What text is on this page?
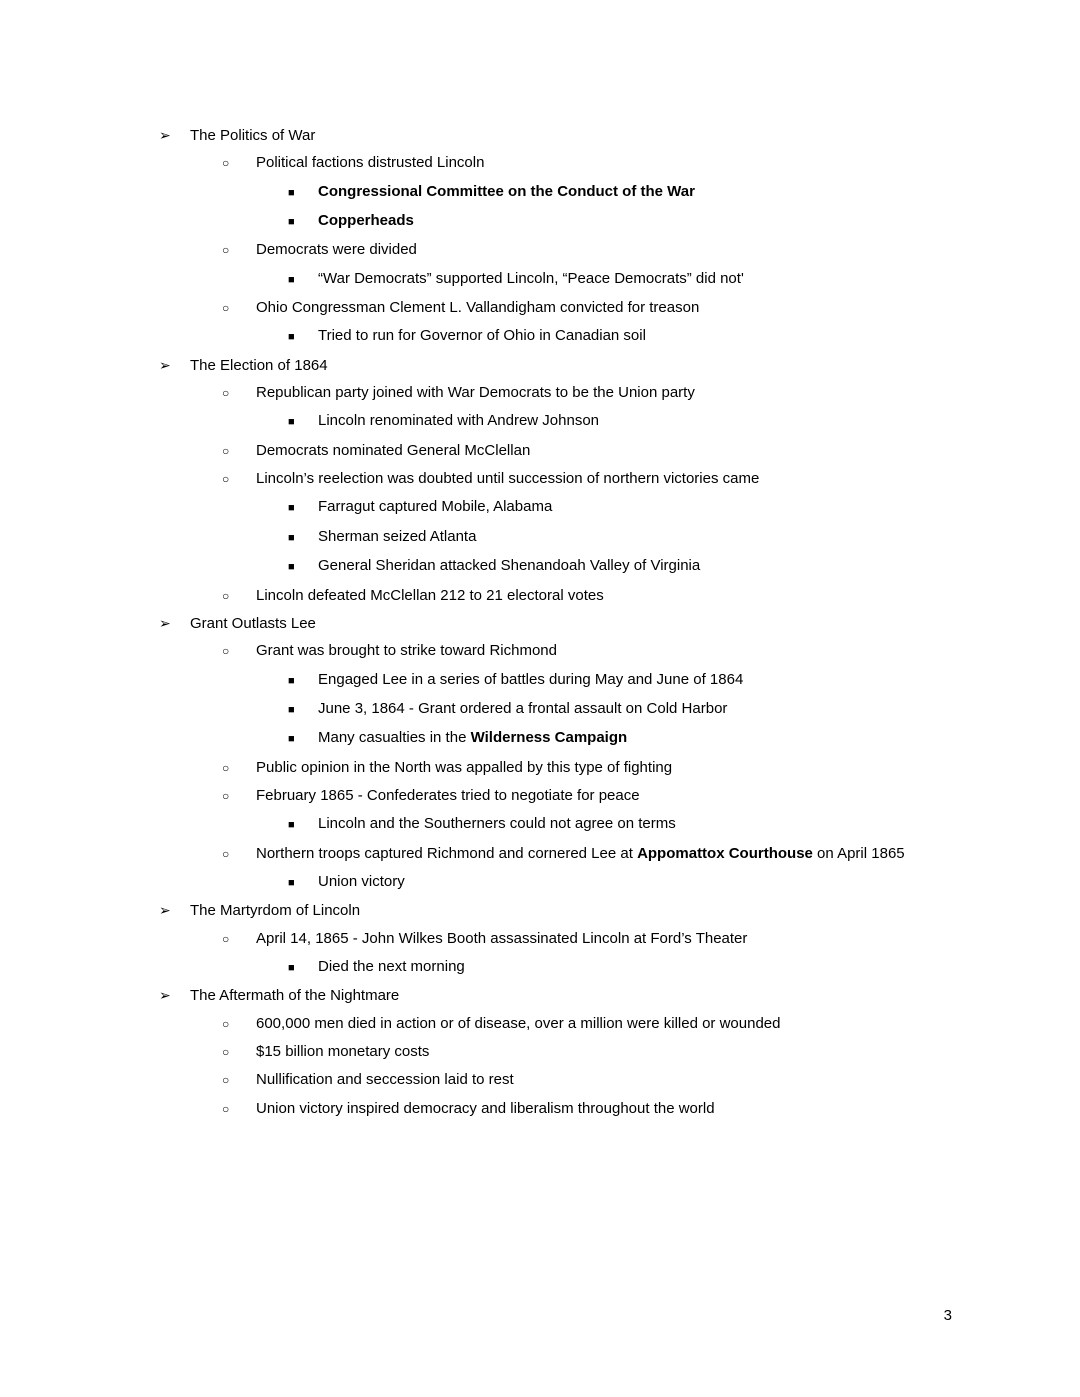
➢	The Politics of War
○	Political factions distrusted Lincoln
■	Congressional Committee on the Conduct of the War
■	Copperheads
○	Democrats were divided
■	“War Democrats” supported Lincoln, “Peace Democrats” did not'
○	Ohio Congressman Clement L. Vallandigham convicted for treason
■	Tried to run for Governor of Ohio in Canadian soil
➢	The Election of 1864
○	Republican party joined with War Democrats to be the Union party
■	Lincoln renominated with Andrew Johnson
○	Democrats nominated General McClellan
○	Lincoln’s reelection was doubted until succession of northern victories came
■	Farragut captured Mobile, Alabama
■	Sherman seized Atlanta
■	General Sheridan attacked Shenandoah Valley of Virginia
○	Lincoln defeated McClellan 212 to 21 electoral votes
➢	Grant Outlasts Lee
○	Grant was brought to strike toward Richmond
■	Engaged Lee in a series of battles during May and June of 1864
■	June 3, 1864 - Grant ordered a frontal assault on Cold Harbor
■	Many casualties in the Wilderness Campaign
○	Public opinion in the North was appalled by this type of fighting
○	February 1865 - Confederates tried to negotiate for peace
■	Lincoln and the Southerners could not agree on terms
○	Northern troops captured Richmond and cornered Lee at Appomattox Courthouse on April 1865
■	Union victory
➢	The Martyrdom of Lincoln
○	April 14, 1865 - John Wilkes Booth assassinated Lincoln at Ford’s Theater
■	Died the next morning
➢	The Aftermath of the Nightmare
○	600,000 men died in action or of disease, over a million were killed or wounded
○	$15 billion monetary costs
○	Nullification and seccession laid to rest
○	Union victory inspired democracy and liberalism throughout the world
3
